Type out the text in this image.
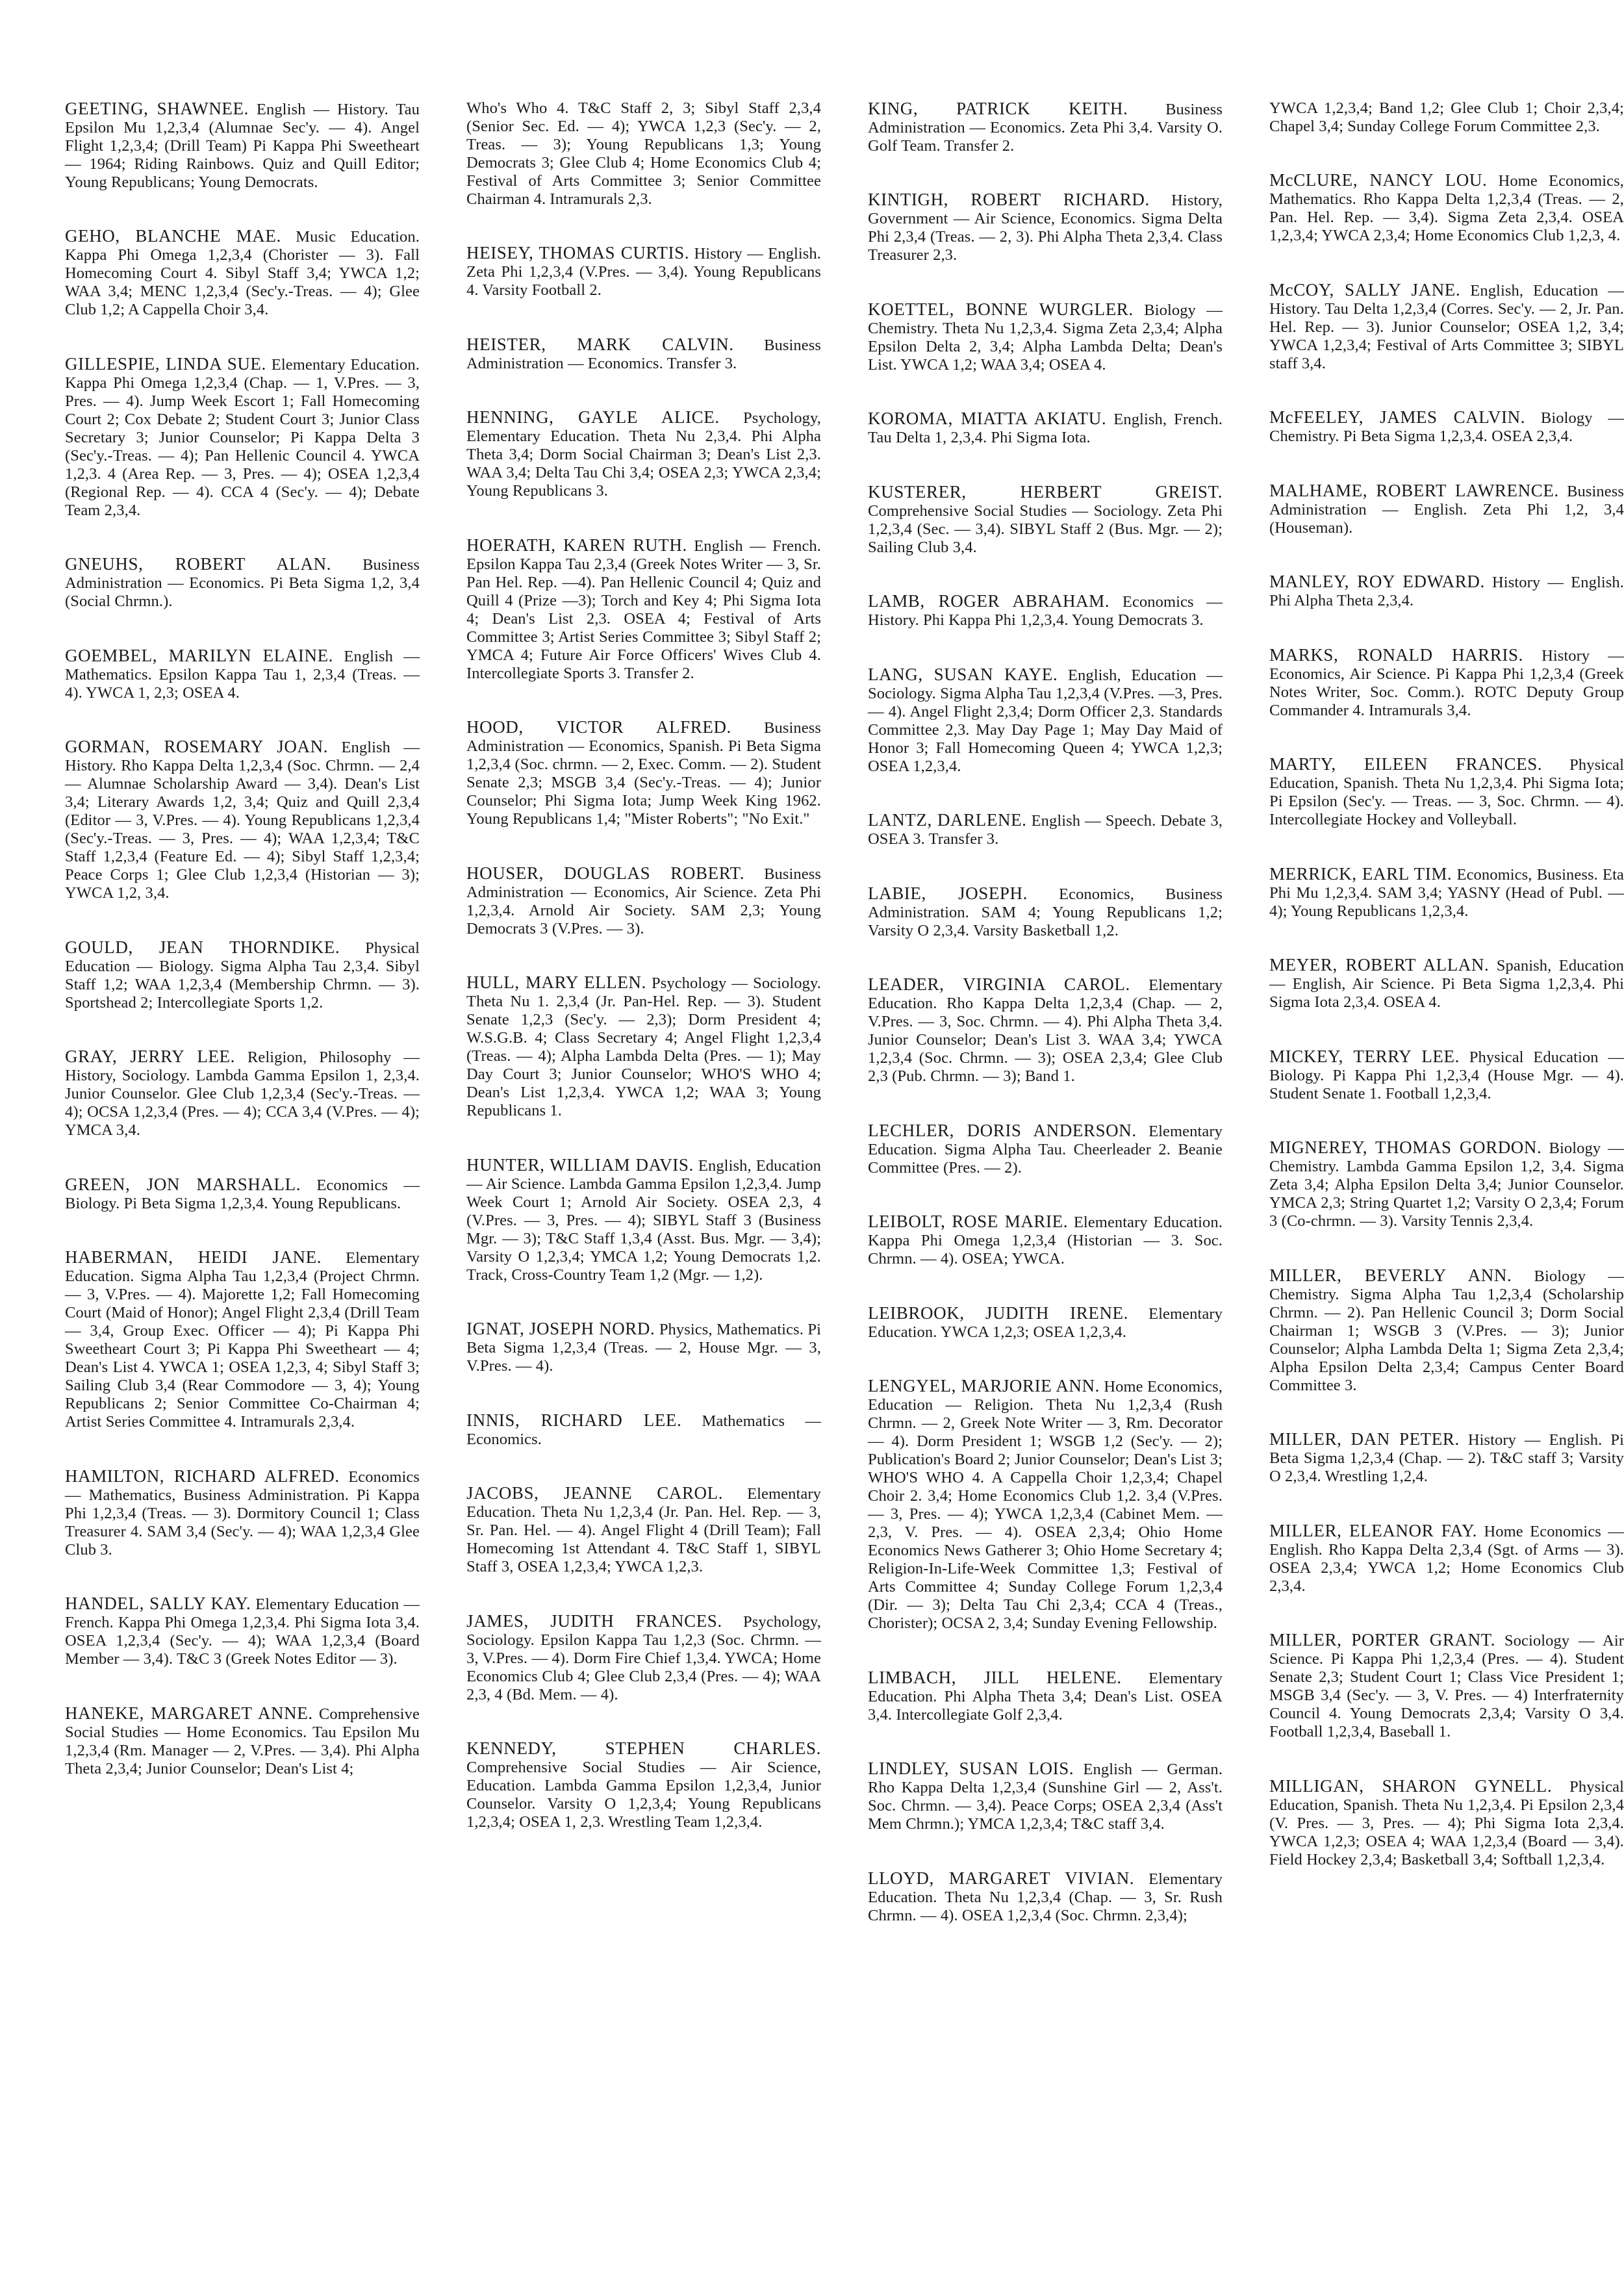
GEETING, SHAWNEE. English — History. Tau Epsilon Mu 1,2,3,4 (Alumnae Sec'y. — 4). Angel Flight 1,2,3,4; (Drill Team) Pi Kappa Phi Sweetheart — 1964; Riding Rainbows. Quiz and Quill Editor; Young Republicans; Young Democrats.

GEHO, BLANCHE MAE. Music Education. Kappa Phi Omega 1,2,3,4 (Chorister — 3). Fall Homecoming Court 4. Sibyl Staff 3,4; YWCA 1,2; WAA 3,4; MENC 1,2,3,4 (Sec'y.-Treas. — 4); Glee Club 1,2; A Cappella Choir 3,4.

GILLESPIE, LINDA SUE. Elementary Education. Kappa Phi Omega 1,2,3,4 (Chap. — 1, V.Pres. — 3, Pres. — 4). Jump Week Escort 1; Fall Homecoming Court 2; Cox Debate 2; Student Court 3; Junior Class Secretary 3; Junior Counselor; Pi Kappa Delta 3 (Sec'y.-Treas. — 4); Pan Hellenic Council 4. YWCA 1,2,3. 4 (Area Rep. — 3, Pres. — 4); OSEA 1,2,3,4 (Regional Rep. — 4). CCA 4 (Sec'y. — 4); Debate Team 2,3,4.

GNEUHS, ROBERT ALAN. Business Administration — Economics. Pi Beta Sigma 1,2, 3,4 (Social Chrmn.).

GOEMBEL, MARILYN ELAINE. English — Mathematics. Epsilon Kappa Tau 1, 2,3,4 (Treas. — 4). YWCA 1, 2,3; OSEA 4.

GORMAN, ROSEMARY JOAN. English — History. Rho Kappa Delta 1,2,3,4 (Soc. Chrmn. — 2,4 — Alumnae Scholarship Award — 3,4). Dean's List 3,4; Literary Awards 1,2, 3,4; Quiz and Quill 2,3,4 (Editor — 3, V.Pres. — 4). Young Republicans 1,2,3,4 (Sec'y.-Treas. — 3, Pres. — 4); WAA 1,2,3,4; T&C Staff 1,2,3,4 (Feature Ed. — 4); Sibyl Staff 1,2,3,4; Peace Corps 1; Glee Club 1,2,3,4 (Historian — 3); YWCA 1,2, 3,4.

GOULD, JEAN THORNDIKE. Physical Education — Biology. Sigma Alpha Tau 2,3,4. Sibyl Staff 1,2; WAA 1,2,3,4 (Membership Chrmn. — 3). Sportshead 2; Intercollegiate Sports 1,2.

GRAY, JERRY LEE. Religion, Philosophy — History, Sociology. Lambda Gamma Epsilon 1, 2,3,4. Junior Counselor. Glee Club 1,2,3,4 (Sec'y.-Treas. — 4); OCSA 1,2,3,4 (Pres. — 4); CCA 3,4 (V.Pres. — 4); YMCA 3,4.

GREEN, JON MARSHALL. Economics — Biology. Pi Beta Sigma 1,2,3,4. Young Republicans.

HABERMAN, HEIDI JANE. Elementary Education. Sigma Alpha Tau 1,2,3,4 (Project Chrmn. — 3, V.Pres. — 4). Majorette 1,2; Fall Homecoming Court (Maid of Honor); Angel Flight 2,3,4 (Drill Team — 3,4, Group Exec. Officer — 4); Pi Kappa Phi Sweetheart Court 3; Pi Kappa Phi Sweetheart — 4; Dean's List 4. YWCA 1; OSEA 1,2,3, 4; Sibyl Staff 3; Sailing Club 3,4 (Rear Commodore — 3, 4); Young Republicans 2; Senior Committee Co-Chairman 4; Artist Series Committee 4. Intramurals 2,3,4.

HAMILTON, RICHARD ALFRED. Economics — Mathematics, Business Administration. Pi Kappa Phi 1,2,3,4 (Treas. — 3). Dormitory Council 1; Class Treasurer 4. SAM 3,4 (Sec'y. — 4); WAA 1,2,3,4 Glee Club 3.

HANDEL, SALLY KAY. Elementary Education — French. Kappa Phi Omega 1,2,3,4. Phi Sigma Iota 3,4. OSEA 1,2,3,4 (Sec'y. — 4); WAA 1,2,3,4 (Board Member — 3,4). T&C 3 (Greek Notes Editor — 3).

HANEKE, MARGARET ANNE. Comprehensive Social Studies — Home Economics. Tau Epsilon Mu 1,2,3,4 (Rm. Manager — 2, V.Pres. — 3,4). Phi Alpha Theta 2,3,4; Junior Counselor; Dean's List 4;

Who's Who 4. T&C Staff 2, 3; Sibyl Staff 2,3,4 (Senior Sec. Ed. — 4); YWCA 1,2,3 (Sec'y. — 2, Treas. — 3); Young Republicans 1,3; Young Democrats 3; Glee Club 4; Home Economics Club 4; Festival of Arts Committee 3; Senior Committee Chairman 4. Intramurals 2,3.

HEISEY, THOMAS CURTIS. History — English. Zeta Phi 1,2,3,4 (V.Pres. — 3,4). Young Republicans 4. Varsity Football 2.

HEISTER, MARK CALVIN. Business Administration — Economics. Transfer 3.

HENNING, GAYLE ALICE. Psychology, Elementary Education. Theta Nu 2,3,4. Phi Alpha Theta 3,4; Dorm Social Chairman 3; Dean's List 2,3. WAA 3,4; Delta Tau Chi 3,4; OSEA 2,3; YWCA 2,3,4; Young Republicans 3.

HOERATH, KAREN RUTH. English — French. Epsilon Kappa Tau 2,3,4 (Greek Notes Writer — 3, Sr. Pan Hel. Rep. —4). Pan Hellenic Council 4; Quiz and Quill 4 (Prize —3); Torch and Key 4; Phi Sigma Iota 4; Dean's List 2,3. OSEA 4; Festival of Arts Committee 3; Artist Series Committee 3; Sibyl Staff 2; YMCA 4; Future Air Force Officers' Wives Club 4. Intercollegiate Sports 3. Transfer 2.

HOOD, VICTOR ALFRED. Business Administration — Economics, Spanish. Pi Beta Sigma 1,2,3,4 (Soc. chrmn. — 2, Exec. Comm. — 2). Student Senate 2,3; MSGB 3,4 (Sec'y.-Treas. — 4); Junior Counselor; Phi Sigma Iota; Jump Week King 1962. Young Republicans 1,4; "Mister Roberts"; "No Exit."

HOUSER, DOUGLAS ROBERT. Business Administration — Economics, Air Science. Zeta Phi 1,2,3,4. Arnold Air Society. SAM 2,3; Young Democrats 3 (V.Pres. — 3).

HULL, MARY ELLEN. Psychology — Sociology. Theta Nu 1. 2,3,4 (Jr. Pan-Hel. Rep. — 3). Student Senate 1,2,3 (Sec'y. — 2,3); Dorm President 4; W.S.G.B. 4; Class Secretary 4; Angel Flight 1,2,3,4 (Treas. — 4); Alpha Lambda Delta (Pres. — 1); May Day Court 3; Junior Counselor; WHO'S WHO 4; Dean's List 1,2,3,4. YWCA 1,2; WAA 3; Young Republicans 1.

HUNTER, WILLIAM DAVIS. English, Education — Air Science. Lambda Gamma Epsilon 1,2,3,4. Jump Week Court 1; Arnold Air Society. OSEA 2,3, 4 (V.Pres. — 3, Pres. — 4); SIBYL Staff 3 (Business Mgr. — 3); T&C Staff 1,3,4 (Asst. Bus. Mgr. — 3,4); Varsity O 1,2,3,4; YMCA 1,2; Young Democrats 1,2. Track, Cross-Country Team 1,2 (Mgr. — 1,2).

IGNAT, JOSEPH NORD. Physics, Mathematics. Pi Beta Sigma 1,2,3,4 (Treas. — 2, House Mgr. — 3, V.Pres. — 4).

INNIS, RICHARD LEE. Mathematics — Economics.

JACOBS, JEANNE CAROL. Elementary Education. Theta Nu 1,2,3,4 (Jr. Pan. Hel. Rep. — 3, Sr. Pan. Hel. — 4). Angel Flight 4 (Drill Team); Fall Homecoming 1st Attendant 4. T&C Staff 1, SIBYL Staff 3, OSEA 1,2,3,4; YWCA 1,2,3.

JAMES, JUDITH FRANCES. Psychology, Sociology. Epsilon Kappa Tau 1,2,3 (Soc. Chrmn. — 3, V.Pres. — 4). Dorm Fire Chief 1,3,4. YWCA; Home Economics Club 4; Glee Club 2,3,4 (Pres. — 4); WAA 2,3, 4 (Bd. Mem. — 4).

KENNEDY, STEPHEN CHARLES. Comprehensive Social Studies — Air Science, Education. Lambda Gamma Epsilon 1,2,3,4, Junior Counselor. Varsity O 1,2,3,4; Young Republicans 1,2,3,4; OSEA 1, 2,3. Wrestling Team 1,2,3,4.

KING, PATRICK KEITH. Business Administration — Economics. Zeta Phi 3,4. Varsity O. Golf Team. Transfer 2.

KINTIGH, ROBERT RICHARD. History, Government — Air Science, Economics. Sigma Delta Phi 2,3,4 (Treas. — 2, 3). Phi Alpha Theta 2,3,4. Class Treasurer 2,3.

KOETTEL, BONNE WURGLER. Biology — Chemistry. Theta Nu 1,2,3,4. Sigma Zeta 2,3,4; Alpha Epsilon Delta 2, 3,4; Alpha Lambda Delta; Dean's List. YWCA 1,2; WAA 3,4; OSEA 4.

KOROMA, MIATTA AKIATU. English, French. Tau Delta 1, 2,3,4. Phi Sigma Iota.

KUSTERER, HERBERT GREIST. Comprehensive Social Studies — Sociology. Zeta Phi 1,2,3,4 (Sec. — 3,4). SIBYL Staff 2 (Bus. Mgr. — 2); Sailing Club 3,4.

LAMB, ROGER ABRAHAM. Economics — History. Phi Kappa Phi 1,2,3,4. Young Democrats 3.

LANG, SUSAN KAYE. English, Education — Sociology. Sigma Alpha Tau 1,2,3,4 (V.Pres. —3, Pres. — 4). Angel Flight 2,3,4; Dorm Officer 2,3. Standards Committee 2,3. May Day Page 1; May Day Maid of Honor 3; Fall Homecoming Queen 4; YWCA 1,2,3; OSEA 1,2,3,4.

LANTZ, DARLENE. English — Speech. Debate 3, OSEA 3. Transfer 3.

LABIE, JOSEPH. Economics, Business Administration. SAM 4; Young Republicans 1,2; Varsity O 2,3,4. Varsity Basketball 1,2.

LEADER, VIRGINIA CAROL. Elementary Education. Rho Kappa Delta 1,2,3,4 (Chap. — 2, V.Pres. — 3, Soc. Chrmn. — 4). Phi Alpha Theta 3,4. Junior Counselor; Dean's List 3. WAA 3,4; YWCA 1,2,3,4 (Soc. Chrmn. — 3); OSEA 2,3,4; Glee Club 2,3 (Pub. Chrmn. — 3); Band 1.

LECHLER, DORIS ANDERSON. Elementary Education. Sigma Alpha Tau. Cheerleader 2. Beanie Committee (Pres. — 2).

LEIBOLT, ROSE MARIE. Elementary Education. Kappa Phi Omega 1,2,3,4 (Historian — 3. Soc. Chrmn. — 4). OSEA; YWCA.

LEIBROOK, JUDITH IRENE. Elementary Education. YWCA 1,2,3; OSEA 1,2,3,4.

LENGYEL, MARJORIE ANN. Home Economics, Education — Religion. Theta Nu 1,2,3,4 (Rush Chrmn. — 2, Greek Note Writer — 3, Rm. Decorator — 4). Dorm President 1; WSGB 1,2 (Sec'y. — 2); Publication's Board 2; Junior Counselor; Dean's List 3; WHO'S WHO 4. A Cappella Choir 1,2,3,4; Chapel Choir 2. 3,4; Home Economics Club 1,2. 3,4 (V.Pres. — 3, Pres. — 4); YWCA 1,2,3,4 (Cabinet Mem. — 2,3, V. Pres. — 4). OSEA 2,3,4; Ohio Home Economics News Gatherer 3; Ohio Home Secretary 4; Religion-In-Life-Week Committee 1,3; Festival of Arts Committee 4; Sunday College Forum 1,2,3,4 (Dir. — 3); Delta Tau Chi 2,3,4; CCA 4 (Treas., Chorister); OCSA 2, 3,4; Sunday Evening Fellowship.

LIMBACH, JILL HELENE. Elementary Education. Phi Alpha Theta 3,4; Dean's List. OSEA 3,4. Intercollegiate Golf 2,3,4.

LINDLEY, SUSAN LOIS. English — German. Rho Kappa Delta 1,2,3,4 (Sunshine Girl — 2, Ass't. Soc. Chrmn. — 3,4). Peace Corps; OSEA 2,3,4 (Ass't Mem Chrmn.); YMCA 1,2,3,4; T&C staff 3,4.

LLOYD, MARGARET VIVIAN. Elementary Education. Theta Nu 1,2,3,4 (Chap. — 3, Sr. Rush Chrmn. — 4). OSEA 1,2,3,4 (Soc. Chrmn. 2,3,4);

YWCA 1,2,3,4; Band 1,2; Glee Club 1; Choir 2,3,4; Chapel 3,4; Sunday College Forum Committee 2,3.

McCLURE, NANCY LOU. Home Economics, Mathematics. Rho Kappa Delta 1,2,3,4 (Treas. — 2, Pan. Hel. Rep. — 3,4). Sigma Zeta 2,3,4. OSEA 1,2,3,4; YWCA 2,3,4; Home Economics Club 1,2,3, 4.

McCOY, SALLY JANE. English, Education — History. Tau Delta 1,2,3,4 (Corres. Sec'y. — 2, Jr. Pan. Hel. Rep. — 3). Junior Counselor; OSEA 1,2, 3,4; YWCA 1,2,3,4; Festival of Arts Committee 3; SIBYL staff 3,4.

McFEELEY, JAMES CALVIN. Biology — Chemistry. Pi Beta Sigma 1,2,3,4. OSEA 2,3,4.

MALHAME, ROBERT LAWRENCE. Business Administration — English. Zeta Phi 1,2, 3,4 (Houseman).

MANLEY, ROY EDWARD. History — English. Phi Alpha Theta 2,3,4.

MARKS, RONALD HARRIS. History — Economics, Air Science. Pi Kappa Phi 1,2,3,4 (Greek Notes Writer, Soc. Comm.). ROTC Deputy Group Commander 4. Intramurals 3,4.

MARTY, EILEEN FRANCES. Physical Education, Spanish. Theta Nu 1,2,3,4. Phi Sigma Iota; Pi Epsilon (Sec'y. — Treas. — 3, Soc. Chrmn. — 4). Intercollegiate Hockey and Volleyball.

MERRICK, EARL TIM. Economics, Business. Eta Phi Mu 1,2,3,4. SAM 3,4; YASNY (Head of Publ. — 4); Young Republicans 1,2,3,4.

MEYER, ROBERT ALLAN. Spanish, Education — English, Air Science. Pi Beta Sigma 1,2,3,4. Phi Sigma Iota 2,3,4. OSEA 4.

MICKEY, TERRY LEE. Physical Education — Biology. Pi Kappa Phi 1,2,3,4 (House Mgr. — 4). Student Senate 1. Football 1,2,3,4.

MIGNEREY, THOMAS GORDON. Biology — Chemistry. Lambda Gamma Epsilon 1,2, 3,4. Sigma Zeta 3,4; Alpha Epsilon Delta 3,4; Junior Counselor. YMCA 2,3; String Quartet 1,2; Varsity O 2,3,4; Forum 3 (Co-chrmn. — 3). Varsity Tennis 2,3,4.

MILLER, BEVERLY ANN. Biology — Chemistry. Sigma Alpha Tau 1,2,3,4 (Scholarship Chrmn. — 2). Pan Hellenic Council 3; Dorm Social Chairman 1; WSGB 3 (V.Pres. — 3); Junior Counselor; Alpha Lambda Delta 1; Sigma Zeta 2,3,4; Alpha Epsilon Delta 2,3,4; Campus Center Board Committee 3.

MILLER, DAN PETER. History — English. Pi Beta Sigma 1,2,3,4 (Chap. — 2). T&C staff 3; Varsity O 2,3,4. Wrestling 1,2,4.

MILLER, ELEANOR FAY. Home Economics — English. Rho Kappa Delta 2,3,4 (Sgt. of Arms — 3). OSEA 2,3,4; YWCA 1,2; Home Economics Club 2,3,4.

MILLER, PORTER GRANT. Sociology — Air Science. Pi Kappa Phi 1,2,3,4 (Pres. — 4). Student Senate 2,3; Student Court 1; Class Vice President 1; MSGB 3,4 (Sec'y. — 3, V. Pres. — 4) Interfraternity Council 4. Young Democrats 2,3,4; Varsity O 3,4. Football 1,2,3,4, Baseball 1.

MILLIGAN, SHARON GYNELL. Physical Education, Spanish. Theta Nu 1,2,3,4. Pi Epsilon 2,3,4 (V. Pres. — 3, Pres. — 4); Phi Sigma Iota 2,3,4. YWCA 1,2,3; OSEA 4; WAA 1,2,3,4 (Board — 3,4). Field Hockey 2,3,4; Basketball 3,4; Softball 1,2,3,4.
